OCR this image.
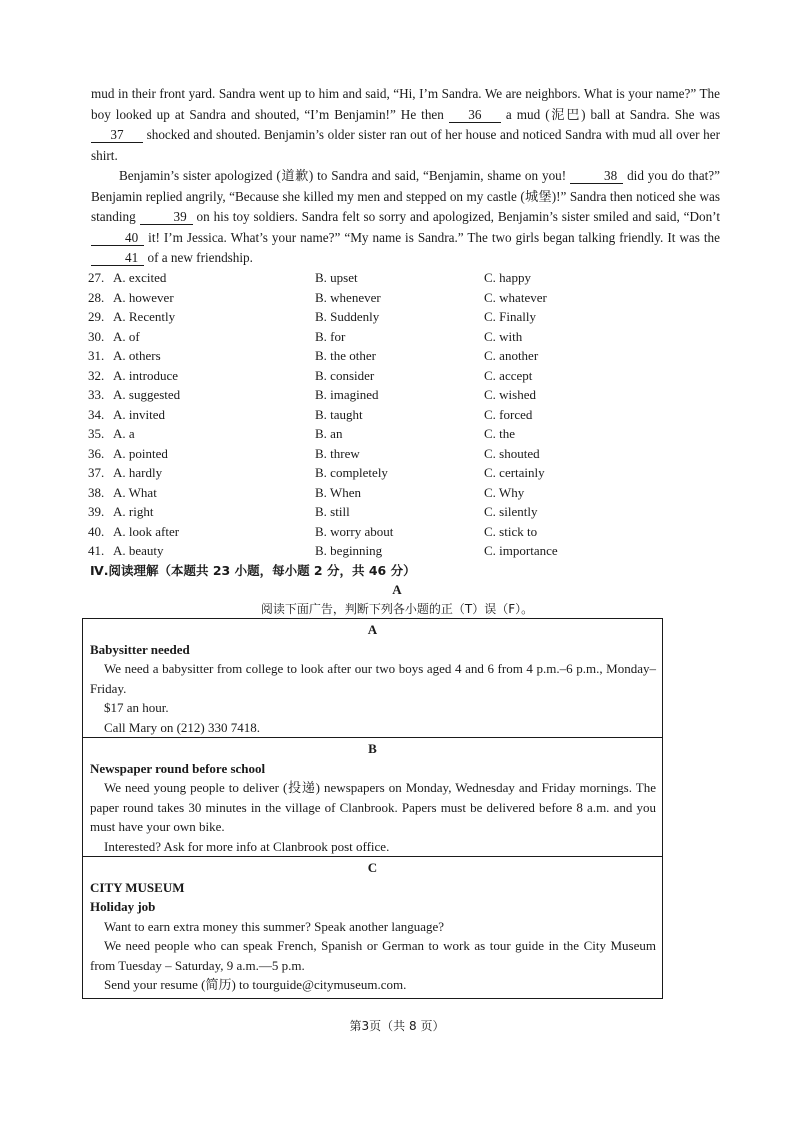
mud in their front yard. Sandra went up to him and said, “Hi, I’m Sandra. We are neighbors. What is your name?” The boy looked up at Sandra and shouted, “I’m Benjamin!” He then 36 a mud (泥巴) ball at Sandra. She was 37 shocked and shouted. Benjamin’s older sister ran out of her house and noticed Sandra with mud all over her shirt.
Benjamin’s sister apologized (道歉) to Sandra and said, “Benjamin, shame on you!	38 did you do that?” Benjamin replied angrily, “Because she killed my men and stepped on my castle (城堡)!” Sandra then noticed she was standing	39 on his toy soldiers. Sandra felt so sorry and apologized, Benjamin’s sister smiled and said, “Don’t 40 it! I’m Jessica. What’s your name?” “My name is Sandra.” The two girls began talking friendly. It was the 41 of a new friendship.
27. A. excited	B. upset	C. happy
28. A. however	B. whenever	C. whatever
29. A. Recently	B. Suddenly	C. Finally
30. A. of	B. for	C. with
31. A. others	B. the other	C. another
32. A. introduce	B. consider	C. accept
33. A. suggested	B. imagined	C. wished
34. A. invited	B. taught	C. forced
35. A. a	B. an	C. the
36. A. pointed	B. threw	C. shouted
37. A. hardly	B. completely	C. certainly
38. A. What	B. When	C. Why
39. A. right	B. still	C. silently
40. A. look after	B. worry about	C. stick to
41. A. beauty	B. beginning	C. importance
Ⅳ.阅读理解（本题共 23 小题，每小题 2 分，共 46 分）
A
阅读下面广告，判断下列各小题的正（T）误（F）。
A
Babysitter needed
We need a babysitter from college to look after our two boys aged 4 and 6 from 4 p.m.–6 p.m., Monday–Friday.
$17 an hour.
Call Mary on (212) 330 7418.
B
Newspaper round before school
We need young people to deliver (投递) newspapers on Monday, Wednesday and Friday mornings. The paper round takes 30 minutes in the village of Clanbrook. Papers must be delivered before 8 a.m. and you must have your own bike.
Interested? Ask for more info at Clanbrook post office.
C
CITY MUSEUM
Holiday job
Want to earn extra money this summer? Speak another language?
We need people who can speak French, Spanish or German to work as tour guide in the City Museum from Tuesday – Saturday, 9 a.m.—5 p.m.
Send your resume (简历) to tourguide@citymuseum.com.
第3页（共 8 页）
